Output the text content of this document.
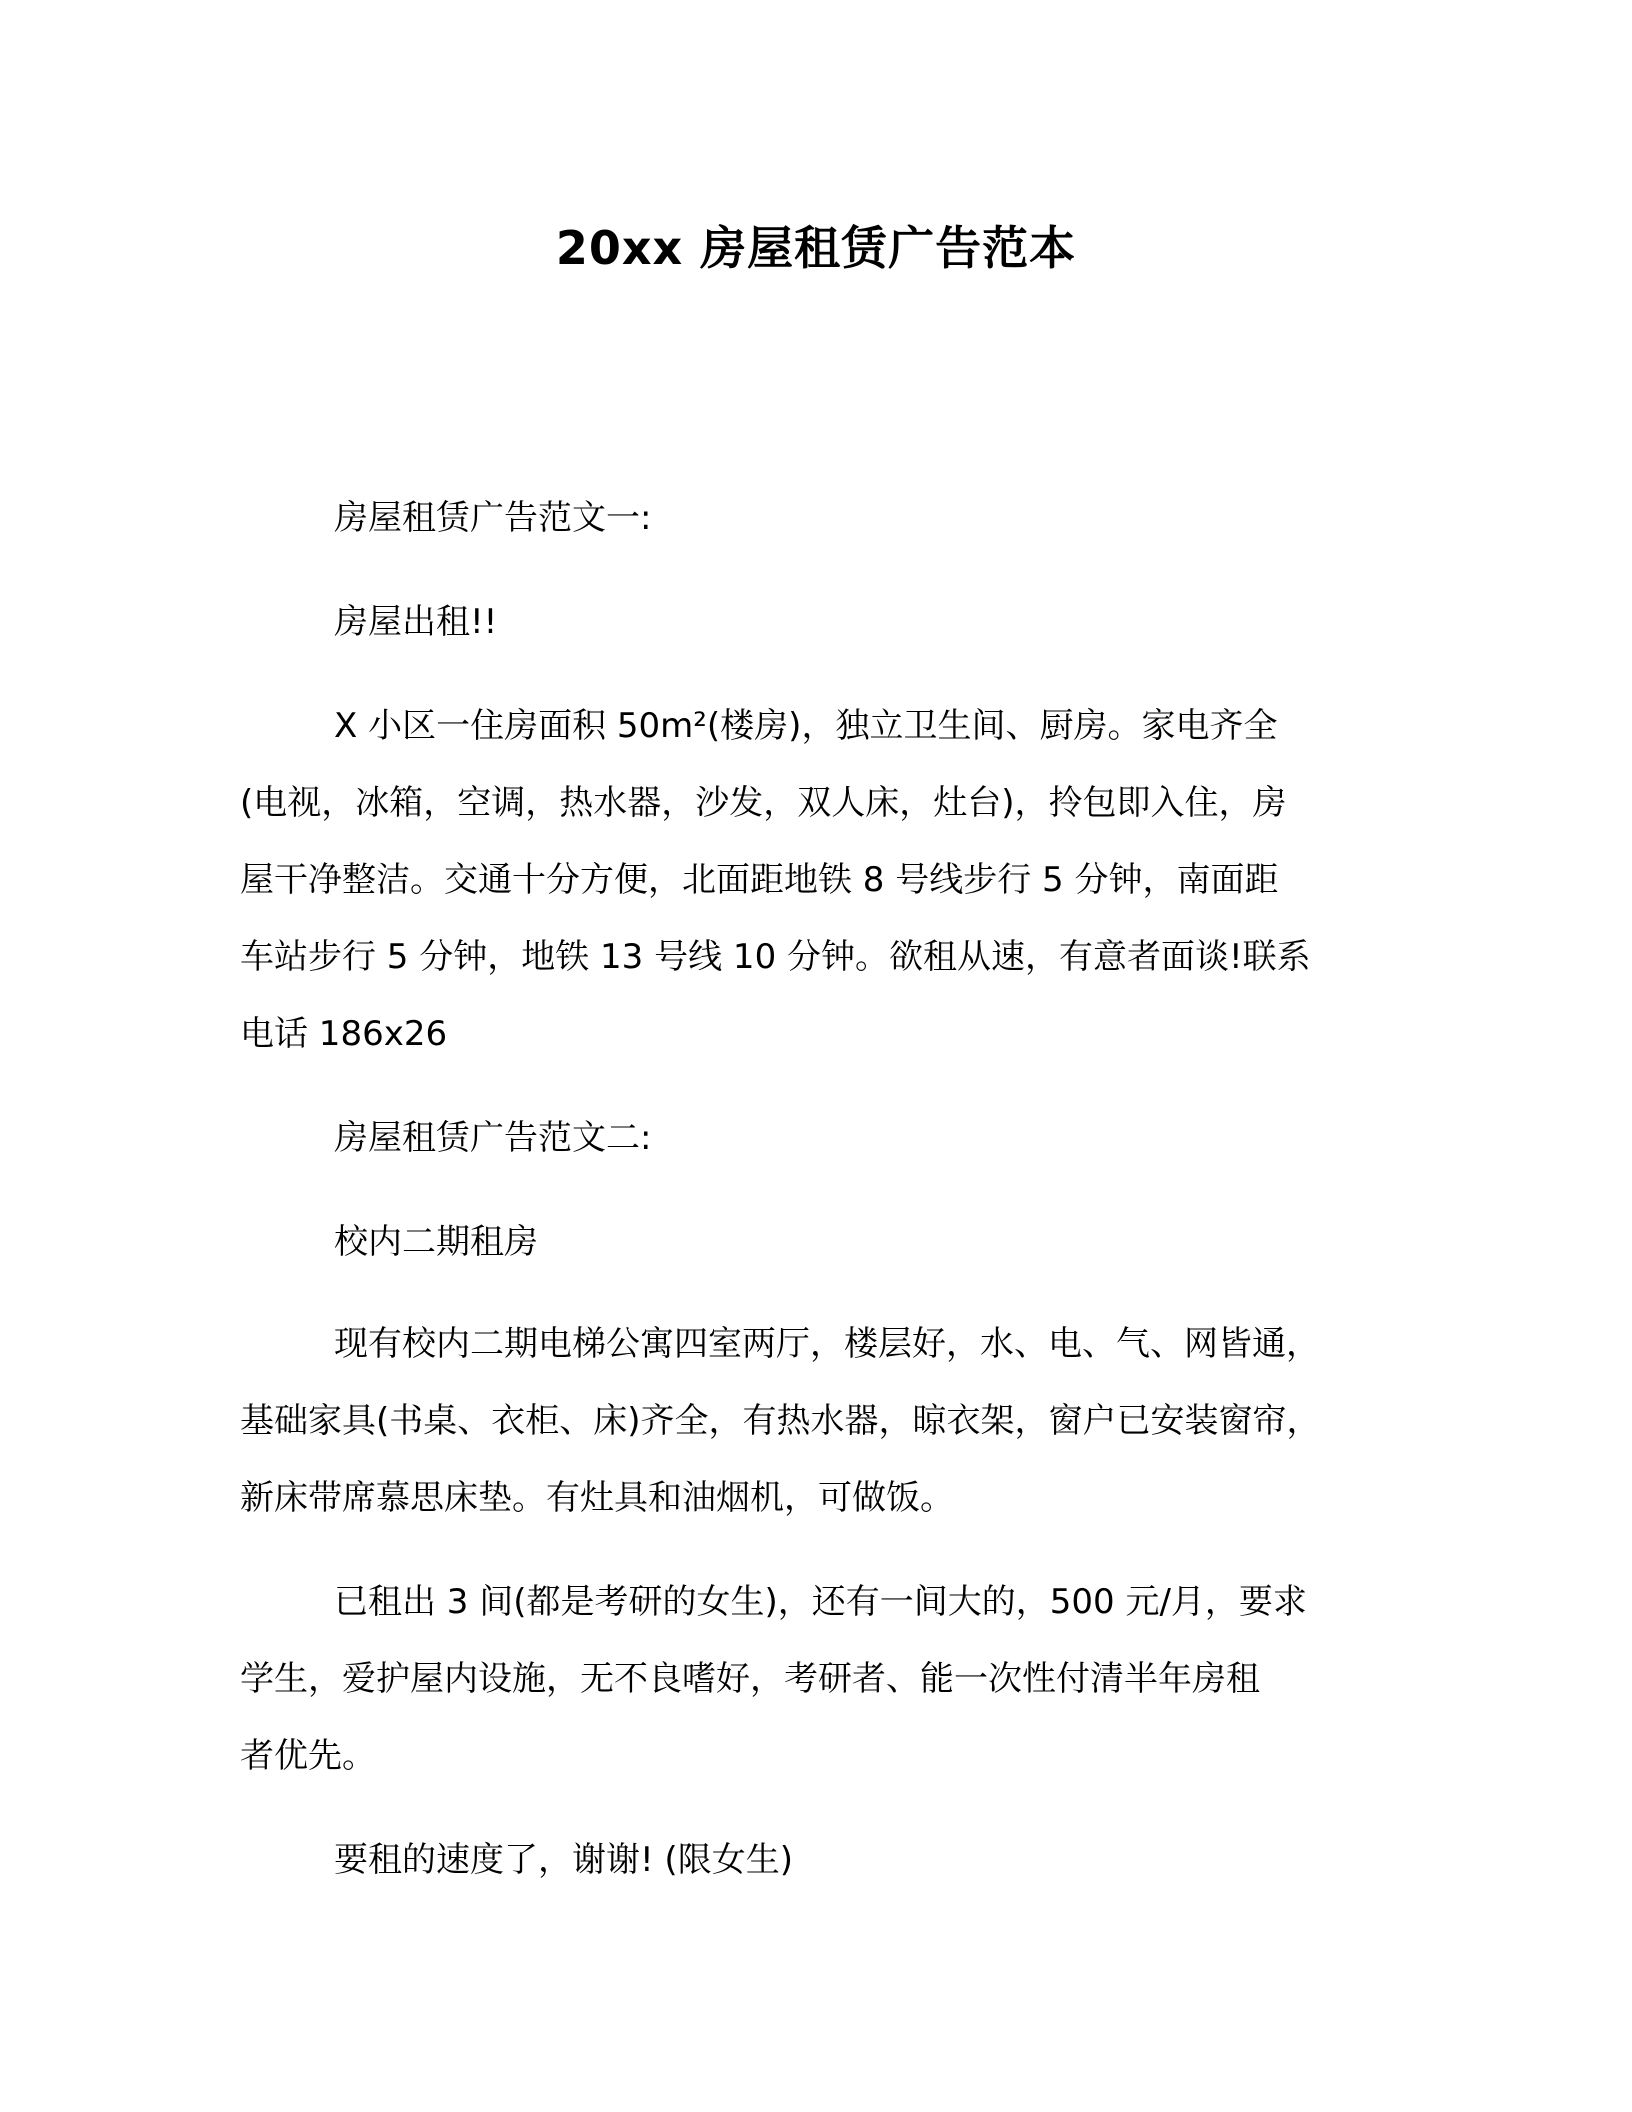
20xx 房屋租赁广告范本

房屋租赁广告范文一:

房屋出租!!

X 小区一住房面积 50m²(楼房)，独立卫生间、厨房。家电齐全
(电视，冰箱，空调，热水器，沙发，双人床，灶台)，拎包即入住，房
屋干净整洁。交通十分方便，北面距地铁 8 号线步行 5 分钟，南面距
车站步行 5 分钟，地铁 13 号线 10 分钟。欲租从速，有意者面谈!联系
电话 186x26

房屋租赁广告范文二:

校内二期租房

现有校内二期电梯公寓四室两厅，楼层好，水、电、气、网皆通，
基础家具(书桌、衣柜、床)齐全，有热水器，晾衣架，窗户已安装窗帘，
新床带席慕思床垫。有灶具和油烟机，可做饭。
已租出 3 间(都是考研的女生)，还有一间大的，500 元/月，要求
学生，爱护屋内设施，无不良嗜好，考研者、能一次性付清半年房租
者优先。

要租的速度了，谢谢! (限女生)
